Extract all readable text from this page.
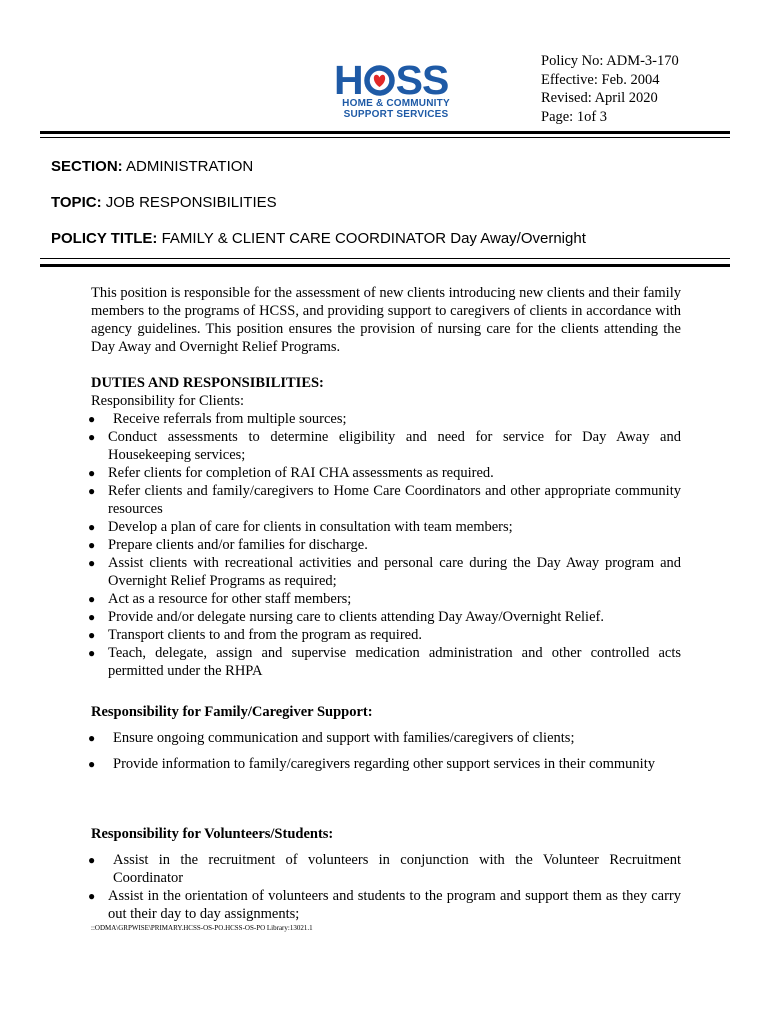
H S S
HOME & COMMUNITY
SUPPORT SERVICES
Policy No: ADM-3-170
Effective: Feb. 2004
Revised: April 2020
Page: 1of 3
SECTION: ADMINISTRATION
TOPIC: JOB RESPONSIBILITIES
POLICY TITLE: FAMILY & CLIENT CARE COORDINATOR Day Away/Overnight
This position is responsible for the assessment of new clients introducing new clients and their family members to the programs of HCSS, and providing support to caregivers of clients in accordance with agency guidelines. This position ensures the provision of nursing care for the clients attending the Day Away and Overnight Relief Programs.
DUTIES AND RESPONSIBILITIES:
Responsibility for Clients:
● Receive referrals from multiple sources;
● Conduct assessments to determine eligibility and need for service for Day Away and Housekeeping services;
● Refer clients for completion of RAI CHA assessments as required.
● Refer clients and family/caregivers to Home Care Coordinators and other appropriate community resources
● Develop a plan of care for clients in consultation with team members;
● Prepare clients and/or families for discharge.
● Assist clients with recreational activities and personal care during the Day Away program and Overnight Relief Programs as required;
● Act as a resource for other staff members;
● Provide and/or delegate nursing care to clients attending Day Away/Overnight Relief.
● Transport clients to and from the program as required.
● Teach, delegate, assign and supervise medication administration and other controlled acts permitted under the RHPA
Responsibility for Family/Caregiver Support:
● Ensure ongoing communication and support with families/caregivers of clients;
● Provide information to family/caregivers regarding other support services in their community
Responsibility for Volunteers/Students:
● Assist in the recruitment of volunteers in conjunction with the Volunteer Recruitment Coordinator
● Assist in the orientation of volunteers and students to the program and support them as they carry out their day to day assignments;
::ODMA\GRPWISE\PRIMARY.HCSS-OS-PO.HCSS-OS-PO Library:13021.1
